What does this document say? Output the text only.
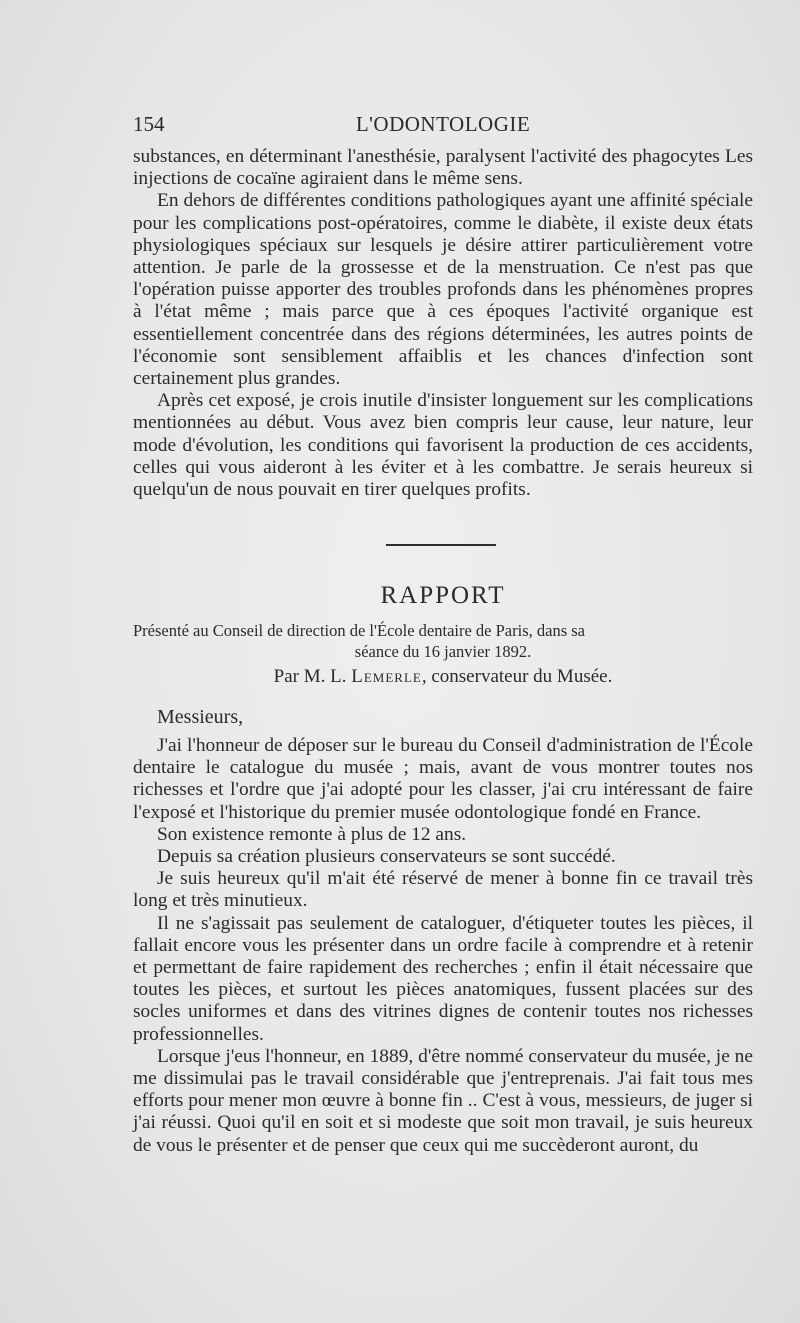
154	L'ODONTOLOGIE

substances, en déterminant l'anesthésie, paralysent l'activité des phagocytes Les injections de cocaïne agiraient dans le même sens.

En dehors de différentes conditions pathologiques ayant une affinité spéciale pour les complications post-opératoires, comme le diabète, il existe deux états physiologiques spéciaux sur lesquels je désire attirer particulièrement votre attention. Je parle de la grossesse et de la menstruation. Ce n'est pas que l'opération puisse apporter des troubles profonds dans les phénomènes propres à l'état même ; mais parce que à ces époques l'activité organique est essentiellement concentrée dans des régions déterminées, les autres points de l'économie sont sensiblement affaiblis et les chances d'infection sont certainement plus grandes.

Après cet exposé, je crois inutile d'insister longuement sur les complications mentionnées au début. Vous avez bien compris leur cause, leur nature, leur mode d'évolution, les conditions qui favorisent la production de ces accidents, celles qui vous aideront à les éviter et à les combattre. Je serais heureux si quelqu'un de nous pouvait en tirer quelques profits.

RAPPORT
Présenté au Conseil de direction de l'École dentaire de Paris, dans sa
séance du 16 janvier 1892.
Par M. L. Lemerle, conservateur du Musée.
Messieurs,

J'ai l'honneur de déposer sur le bureau du Conseil d'administration de l'École dentaire le catalogue du musée ; mais, avant de vous montrer toutes nos richesses et l'ordre que j'ai adopté pour les classer, j'ai cru intéressant de faire l'exposé et l'historique du premier musée odontologique fondé en France.

Son existence remonte à plus de 12 ans.

Depuis sa création plusieurs conservateurs se sont succédé.

Je suis heureux qu'il m'ait été réservé de mener à bonne fin ce travail très long et très minutieux.

Il ne s'agissait pas seulement de cataloguer, d'étiqueter toutes les pièces, il fallait encore vous les présenter dans un ordre facile à comprendre et à retenir et permettant de faire rapidement des recherches ; enfin il était nécessaire que toutes les pièces, et surtout les pièces anatomiques, fussent placées sur des socles uniformes et dans des vitrines dignes de contenir toutes nos richesses professionnelles.

Lorsque j'eus l'honneur, en 1889, d'être nommé conservateur du musée, je ne me dissimulai pas le travail considérable que j'entreprenais. J'ai fait tous mes efforts pour mener mon œuvre à bonne fin .. C'est à vous, messieurs, de juger si j'ai réussi. Quoi qu'il en soit et si modeste que soit mon travail, je suis heureux de vous le présenter et de penser que ceux qui me succèderont auront, du
